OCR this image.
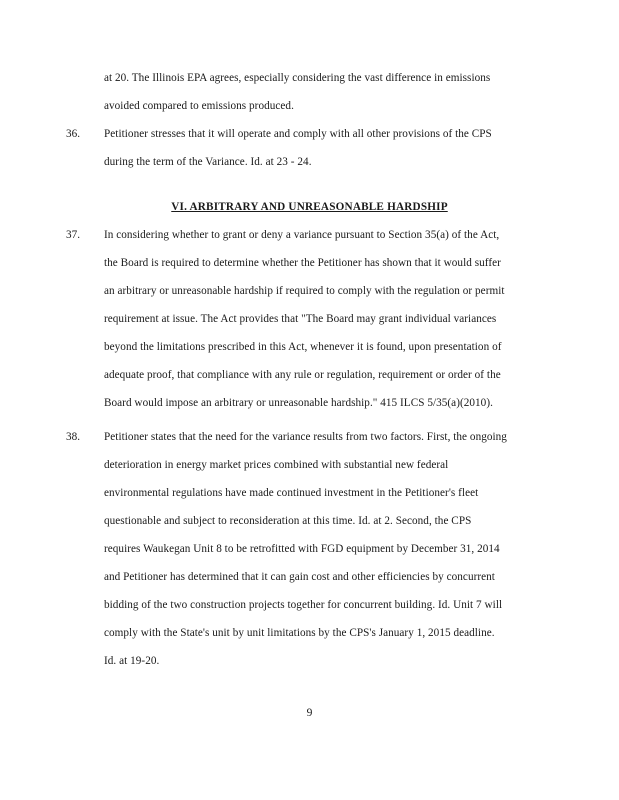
at 20. The Illinois EPA agrees, especially considering the vast difference in emissions
avoided compared to emissions produced.
36. Petitioner stresses that it will operate and comply with all other provisions of the CPS
during the term of the Variance. Id. at 23 - 24.
VI. ARBITRARY AND UNREASONABLE HARDSHIP
37. In considering whether to grant or deny a variance pursuant to Section 35(a) of the Act,
the Board is required to determine whether the Petitioner has shown that it would suffer
an arbitrary or unreasonable hardship if required to comply with the regulation or permit
requirement at issue. The Act provides that "The Board may grant individual variances
beyond the limitations prescribed in this Act, whenever it is found, upon presentation of
adequate proof, that compliance with any rule or regulation, requirement or order of the
Board would impose an arbitrary or unreasonable hardship." 415 ILCS 5/35(a)(2010).
38. Petitioner states that the need for the variance results from two factors. First, the ongoing
deterioration in energy market prices combined with substantial new federal
environmental regulations have made continued investment in the Petitioner's fleet
questionable and subject to reconsideration at this time. Id. at 2. Second, the CPS
requires Waukegan Unit 8 to be retrofitted with FGD equipment by December 31, 2014
and Petitioner has determined that it can gain cost and other efficiencies by concurrent
bidding of the two construction projects together for concurrent building. Id. Unit 7 will
comply with the State's unit by unit limitations by the CPS's January 1, 2015 deadline.
Id. at 19-20.
9
